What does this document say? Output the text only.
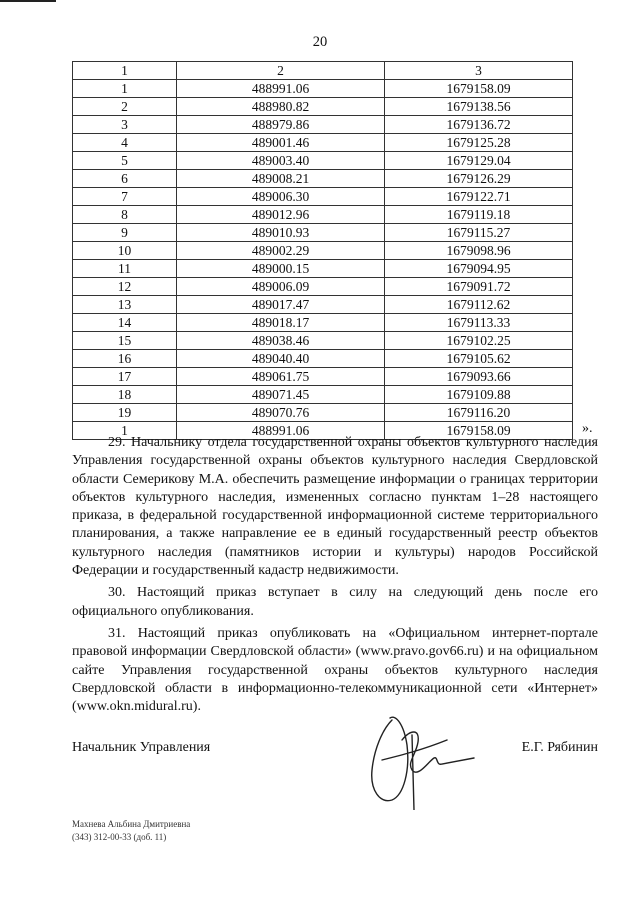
20
1	2	3
1	488991.06	1679158.09
2	488980.82	1679138.56
3	488979.86	1679136.72
4	489001.46	1679125.28
5	489003.40	1679129.04
6	489008.21	1679126.29
7	489006.30	1679122.71
8	489012.96	1679119.18
9	489010.93	1679115.27
10	489002.29	1679098.96
11	489000.15	1679094.95
12	489006.09	1679091.72
13	489017.47	1679112.62
14	489018.17	1679113.33
15	489038.46	1679102.25
16	489040.40	1679105.62
17	489061.75	1679093.66
18	489071.45	1679109.88
19	489070.76	1679116.20
1	488991.06	1679158.09	».

29. Начальнику отдела государственной охраны объектов культурного наследия Управления государственной охраны объектов культурного наследия Свердловской области Семерикову М.А. обеспечить размещение информации о границах территории объектов культурного наследия, измененных согласно пунктам 1–28 настоящего приказа, в федеральной государственной информационной системе территориального планирования, а также направление ее в единый государственный реестр объектов культурного наследия (памятников истории и культуры) народов Российской Федерации и государственный кадастр недвижимости.

30. Настоящий приказ вступает в силу на следующий день после его официального опубликования.

31. Настоящий приказ опубликовать на «Официальном интернет-портале правовой информации Свердловской области» (www.pravo.gov66.ru) и на официальном сайте Управления государственной охраны объектов культурного наследия Свердловской области в информационно-телекоммуникационной сети «Интернет» (www.okn.midural.ru).

Начальник Управления	Е.Г. Рябинин
Махнева Альбина Дмитриевна
(343) 312-00-33 (доб. 11)
